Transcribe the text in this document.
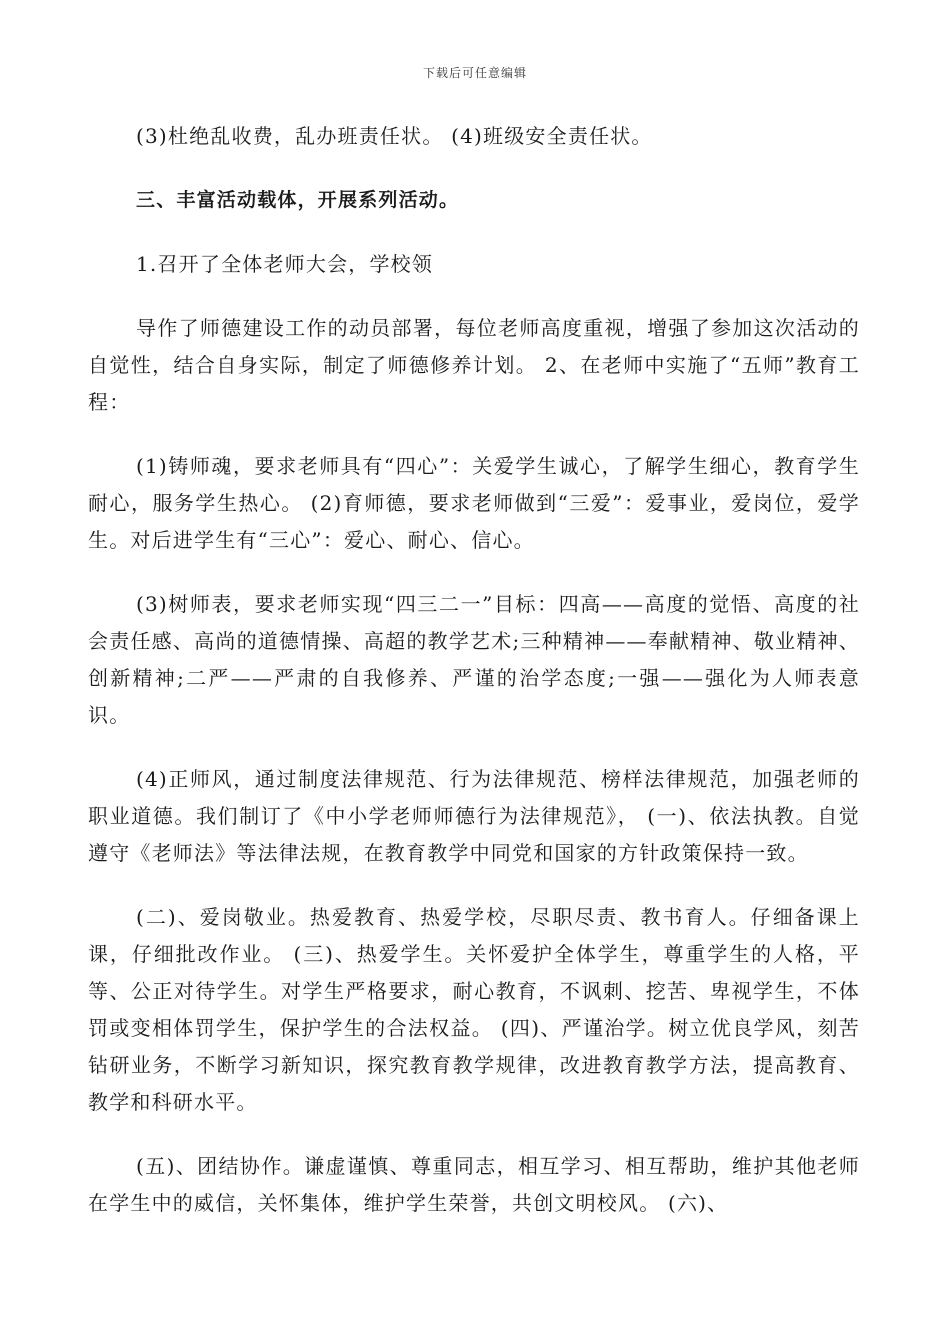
下载后可任意编辑

(3)杜绝乱收费，乱办班责任状。 (4)班级安全责任状。

三、丰富活动载体，开展系列活动。

1.召开了全体老师大会，学校领

导作了师德建设工作的动员部署，每位老师高度重视，增强了参加这次活动的自觉性，结合自身实际，制定了师德修养计划。 2、在老师中实施了“五师”教育工程：

(1)铸师魂，要求老师具有“四心”：关爱学生诚心，了解学生细心，教育学生耐心，服务学生热心。 (2)育师德，要求老师做到“三爱”：爱事业，爱岗位，爱学生。对后进学生有“三心”：爱心、耐心、信心。

(3)树师表，要求老师实现“四三二一”目标：四高——高度的觉悟、高度的社会责任感、高尚的道德情操、高超的教学艺术;三种精神——奉献精神、敬业精神、创新精神;二严——严肃的自我修养、严谨的治学态度;一强——强化为人师表意识。

(4)正师风，通过制度法律规范、行为法律规范、榜样法律规范，加强老师的职业道德。我们制订了《中小学老师师德行为法律规范》， (一)、依法执教。自觉遵守《老师法》等法律法规，在教育教学中同党和国家的方针政策保持一致。

(二)、爱岗敬业。热爱教育、热爱学校，尽职尽责、教书育人。仔细备课上课，仔细批改作业。 (三)、热爱学生。关怀爱护全体学生，尊重学生的人格，平等、公正对待学生。对学生严格要求，耐心教育，不讽刺、挖苦、卑视学生，不体罚或变相体罚学生，保护学生的合法权益。 (四)、严谨治学。树立优良学风，刻苦钻研业务，不断学习新知识，探究教育教学规律，改进教育教学方法，提高教育、教学和科研水平。

(五)、团结协作。谦虚谨慎、尊重同志，相互学习、相互帮助，维护其他老师在学生中的威信，关怀集体，维护学生荣誉，共创文明校风。 (六)、
